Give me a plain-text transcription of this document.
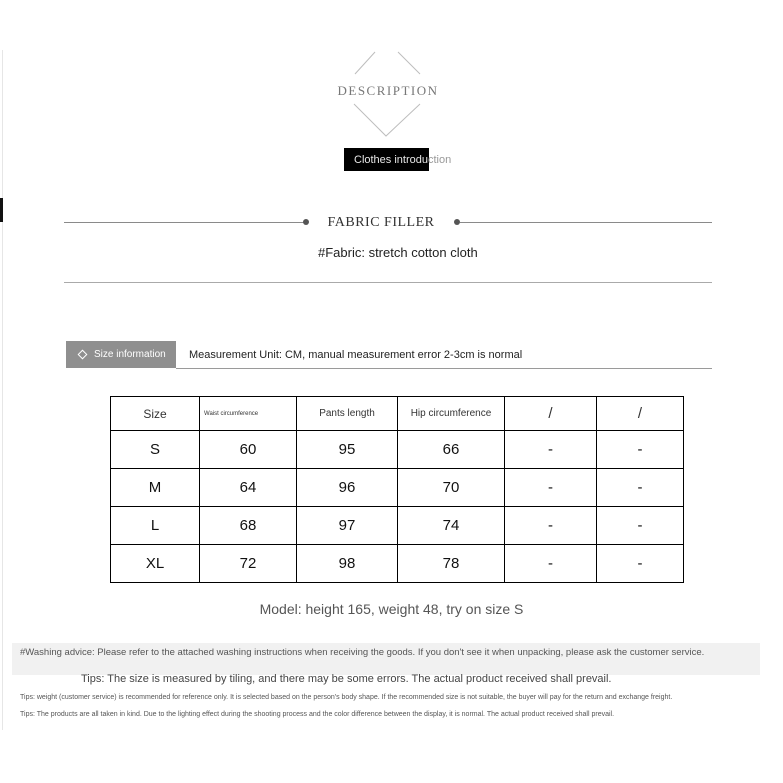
DESCRIPTION
Clothes introduction
FABRIC FILLER
#Fabric: stretch cotton cloth
Size information Measurement Unit: CM, manual measurement error 2-3cm is normal
Size	Waist circumference	Pants length	Hip circumference	/	/
S	60	95	66	-	-
M	64	96	70	-	-
L	68	97	74	-	-
XL	72	98	78	-	-
Model: height 165, weight 48, try on size S
#Washing advice: Please refer to the attached washing instructions when receiving the goods. If you don't see it when unpacking, please ask the customer service.
Tips: The size is measured by tiling, and there may be some errors. The actual product received shall prevail.
Tips: weight (customer service) is recommended for reference only. It is selected based on the person's body shape. If the recommended size is not suitable, the buyer will pay for the return and exchange freight.
Tips: The products are all taken in kind. Due to the lighting effect during the shooting process and the color difference between the display, it is normal. The actual product received shall prevail.
